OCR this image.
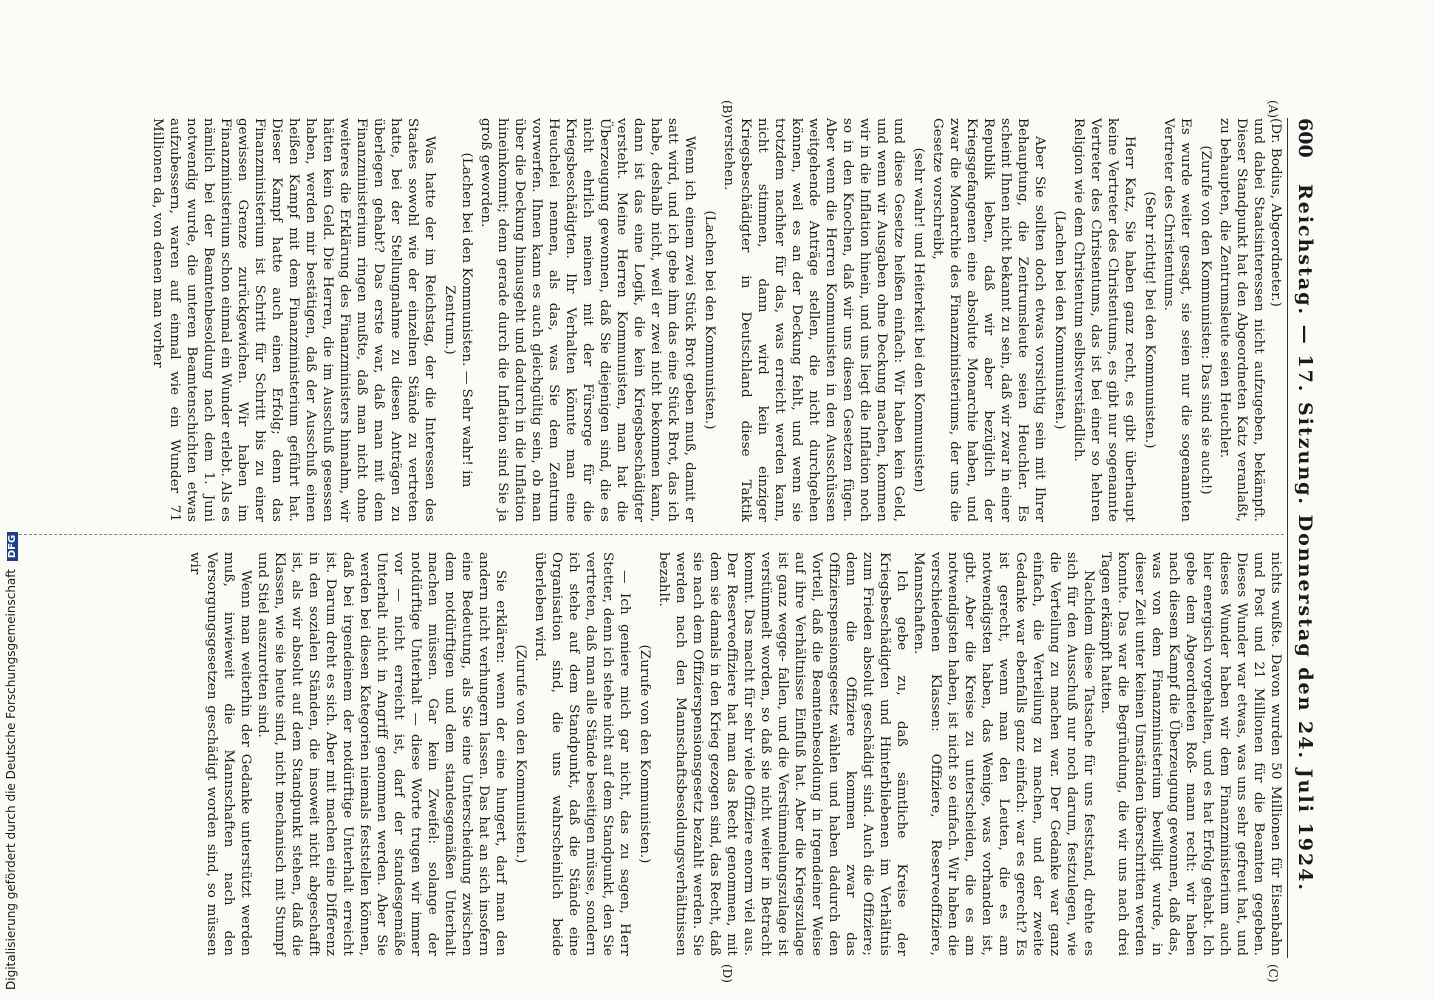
600
Reichstag. — 17. Sitzung. Donnerstag den 24. Juli 1924.
(A)
(B)
(C)
(D)

(Dr. Bodius, Abgeordneter.)

und dabei Staatsinteressen nicht aufzugeben, bekämpft. Dieser Standpunkt hat den Abgeordneten Katz veranlaßt, zu behaupten, die Zentrumsleute seien Heuchler.

(Zurufe von den Kommunisten: Das sind sie auch!)

Es wurde weiter gesagt, sie seien nur die sogenannten Vertreter des Christentums.

(Sehr richtig! bei den Kommunisten.)

Herr Katz, Sie haben ganz recht, es gibt überhaupt keine Vertreter des Christentums, es gibt nur sogenannte Vertreter des Christentums, das ist bei einer so hehren Religion wie dem Christentum selbstverständlich.

(Lachen bei den Kommunisten.)

Aber Sie sollten doch etwas vorsichtig sein mit Ihrer Behauptung, die Zentrumsleute seien Heuchler. Es scheint Ihnen nicht bekannt zu sein, daß wir zwar in einer Republik leben, daß wir aber bezüglich der Kriegsgefangenen eine absolute Monarchie haben, und zwar die Monarchie des Finanzministeriums, der uns die Gesetze vorschreibt,

(sehr wahr! und Heiterkeit bei den Kommunisten)

und diese Gesetze heißen einfach: Wir haben kein Geld, und wenn wir Ausgaben ohne Deckung machen, kommen wir in die Inflation hinein, und uns liegt die Inflation noch so in den Knochen, daß wir uns diesen Gesetzen fügen. Aber wenn die Herren Kommunisten in den Ausschüssen weitgehende Anträge stellen, die nicht durchgehen können, weil es an der Deckung fehlt, und wenn sie trotzdem nachher für das, was erreicht werden kann, nicht stimmen, dann wird kein einziger Kriegsbeschädigter in Deutschland diese Taktik verstehen.

(Lachen bei den Kommunisten.)

Wenn ich einem zwei Stück Brot geben muß, damit er satt wird, und ich gebe ihm das eine Stück Brot, das ich habe, deshalb nicht, weil er zwei nicht bekommen kann, dann ist das eine Logik, die kein Kriegsbeschädigter versteht. Meine Herren Kommunisten, man hat die Überzeugung gewonnen, daß Sie diejenigen sind, die es nicht ehrlich meinen mit der Fürsorge für die Kriegsbeschädigten. Ihr Verhalten könnte man eine Heuchelei nennen, als das, was Sie dem Zentrum vorwerfen. Ihnen kann es auch gleichgültig sein, ob man über die Deckung hinausgeht und dadurch in die Inflation hineinkommt; denn gerade durch die Inflation sind Sie ja groß geworden.

(Lachen bei den Kommunisten. — Sehr wahr! im Zentrum.)

Was hatte der im Reichstag, der die Interessen des Staates sowohl wie der einzelnen Stände zu vertreten hatte, bei der Stellungnahme zu diesen Anträgen zu überlegen gehabt? Das erste war, daß man mit dem Finanzministerium ringen mußte, daß man nicht ohne weiteres die Erklärung des Finanzministers hinnahm, wir hätten kein Geld. Die Herren, die im Ausschuß gesessen haben, werden mir bestätigen, daß der Ausschuß einen heißen Kampf mit dem Finanzministerium geführt hat. Dieser Kampf hatte auch einen Erfolg; denn das Finanzministerium ist Schritt für Schritt bis zu einer gewissen Grenze zurückgewichen. Wir haben im Finanzministerium schon einmal ein Wunder erlebt. Als es nämlich bei der Beamtenbesoldung nach dem 1. Juni notwendig wurde, die unteren Beamtenschichten etwas aufzubessern, waren auf einmal wie ein Wunder 71 Millionen da, von denen man vorher

nichts wußte. Davon wurden 50 Millionen für Eisenbahn und Post und 21 Millionen für die Beamten gegeben. Dieses Wunder war etwas, was uns sehr gefreut hat, und dieses Wunder haben wir dem Finanzministerium auch hier energisch vorgehalten, und es hat Erfolg gehabt. Ich gebe dem Abgeordneten Roß- mann recht: wir haben nach diesem Kampf die Überzeugung gewonnen, daß das, was von dem Finanzministerium bewilligt wurde, in dieser Zeit unter keinen Umständen überschritten werden konnte. Das war die Begründung, die wir uns nach drei Tagen erkämpft hatten.

Nachdem diese Tatsache für uns feststand, drehte es sich für den Ausschuß nur noch darum, festzulegen, wie die Verteilung zu machen war. Der Gedanke war ganz einfach, die Verteilung zu machen, und der zweite Gedanke war ebenfalls ganz einfach: war es gerecht? Es ist gerecht, wenn man den Leuten, die es am notwendigsten haben, das Wenige, was vorhanden ist, gibt. Aber die Kreise zu unterscheiden, die es am notwendigsten haben, ist nicht so einfach. Wir haben die verschiedenen Klassen: Offiziere, Reserveoffiziere, Mannschaften.

Ich gebe zu, daß sämtliche Kreise der Kriegsbeschädigten und Hinterbliebenen im Verhältnis zum Frieden absolut geschädigt sind. Auch die Offiziere; denn die Offiziere kommen zwar das Offizierspensionsgesetz wählen und haben dadurch den Vorteil, daß die Beamtenbesoldung in irgendeiner Weise auf ihre Verhältnisse Einfluß hat. Aber die Kriegszulage ist ganz wegge- fallen, und die Verstümmelungszulage ist verstümmelt worden, so daß sie nicht weiter in Betracht kommt. Das macht für sehr viele Offiziere enorm viel aus. Der Reserveoffiziere hat man das Recht genommen, mit dem sie damals in den Krieg gezogen sind, das Recht, daß sie nach dem Offizierspensionsgesetz bezahlt werden. Sie werden nach den Mannschaftsbesoldungsverhältnissen bezahlt.

(Zurufe von den Kommunisten.)

— Ich geniere mich gar nicht, das zu sagen, Herr Stetter, denn ich stehe nicht auf dem Standpunkt, den Sie vertreten, daß man alle Stände beseitigen müsse, sondern ich stehe auf dem Standpunkt, daß die Stände eine Organisation sind, die uns wahrscheinlich beide überleben wird.

(Zurufe von den Kommunisten.)

Sie erklären: wenn der eine hungert, darf man den andern nicht verhungern lassen. Das hat an sich insofern eine Bedeutung, als Sie eine Unterscheidung zwischen dem notdürftigen und dem standesgemäßen Unterhalt machen müssen. Gar kein Zweifel: solange der notdürftige Unterhalt — diese Worte trugen wir immer vor — nicht erreicht ist, darf der standesgemäße Unterhalt nicht in Angriff genommen werden. Aber Sie werden bei diesen Kategorien niemals feststellen können, daß bei irgendeinem der notdürftige Unterhalt erreicht ist. Darum dreht es sich. Aber mit machen eine Differenz in den sozialen Ständen, die insoweit nicht abgeschafft ist, als wir absolut auf dem Standpunkt stehen, daß die Klassen, wie sie heute sind, nicht mechanisch mit Stumpf und Stiel auszurotten sind.

Wenn man weiterhin der Gedanke unterstützt werden muß, inwieweit die Mannschaften nach den Versorgungsgesetzen geschädigt worden sind, so müssen wir

Digitalisierung gefördert durch die Deutsche Forschungsgemeinschaft DFG
